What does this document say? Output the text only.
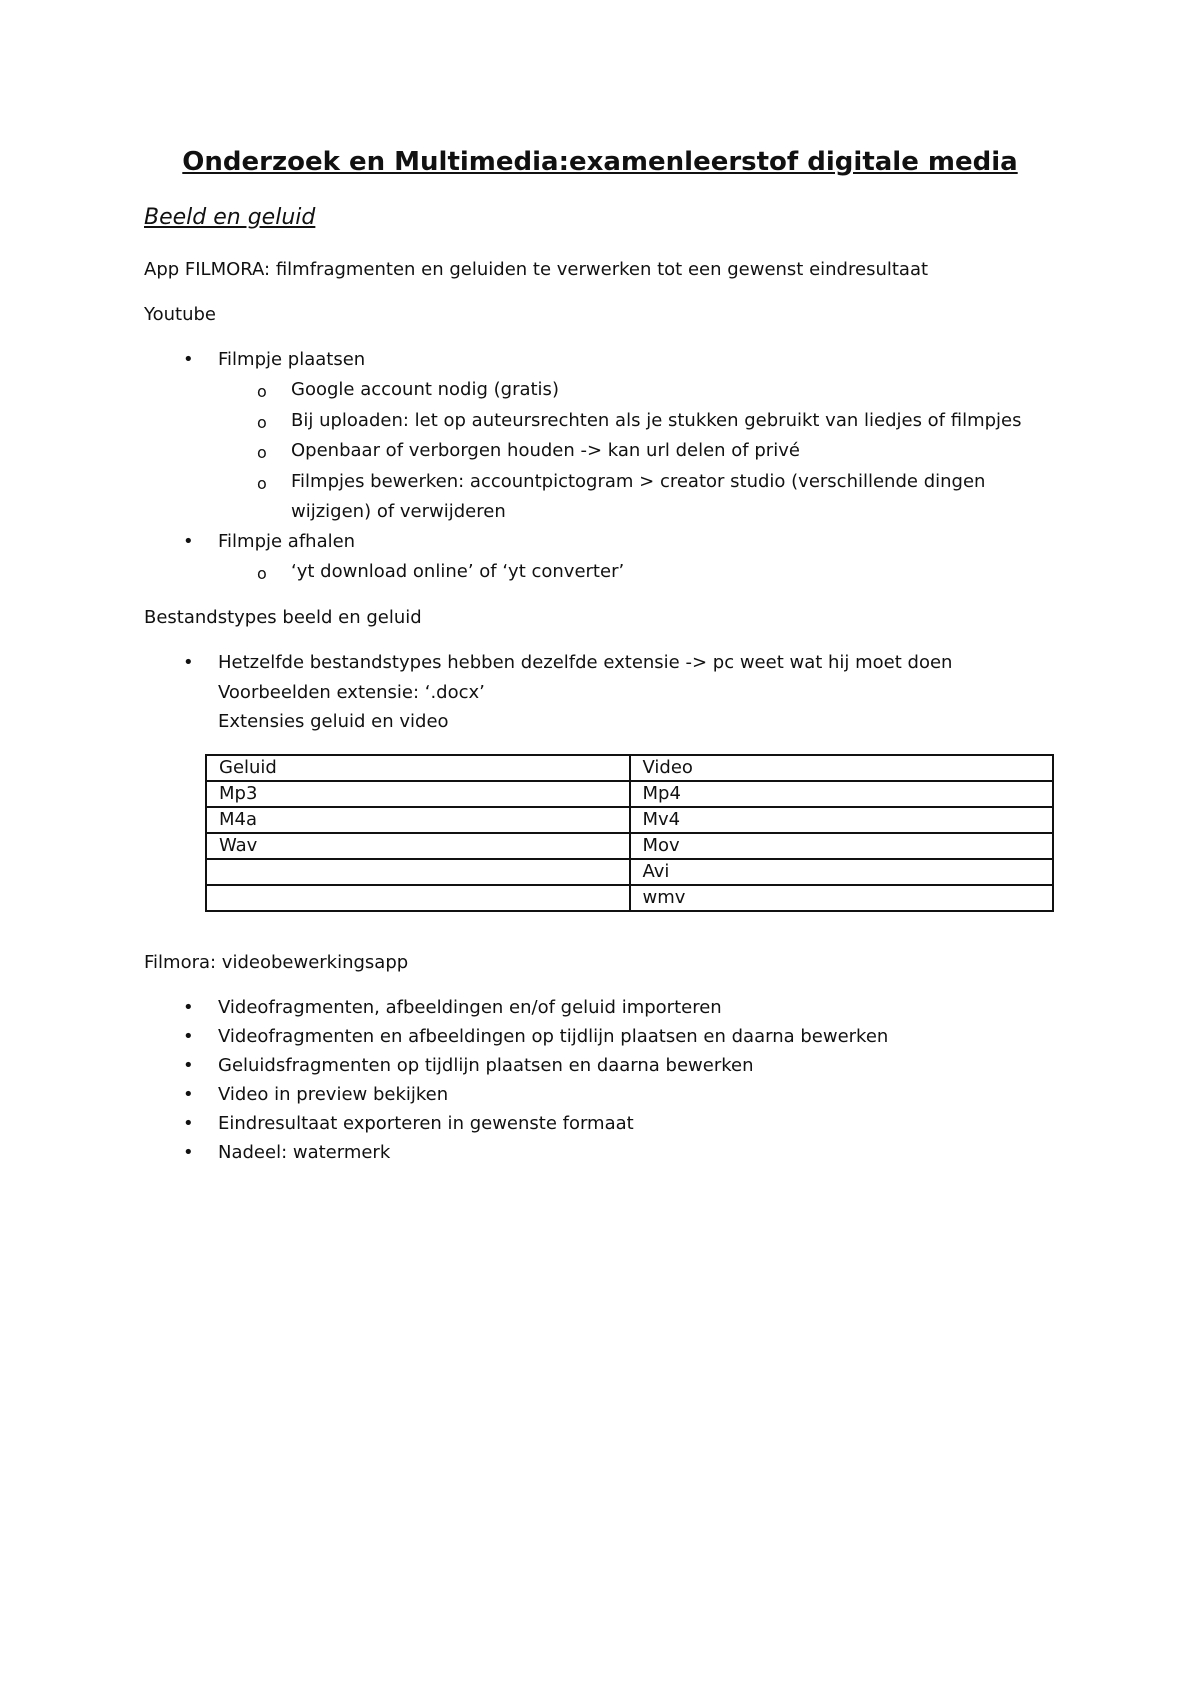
Onderzoek en Multimedia:examenleerstof digitale media
Beeld en geluid
App FILMORA: filmfragmenten en geluiden te verwerken tot een gewenst eindresultaat
Youtube
• Filmpje plaatsen
o Google account nodig (gratis)
o Bij uploaden: let op auteursrechten als je stukken gebruikt van liedjes of filmpjes
o Openbaar of verborgen houden -> kan url delen of privé
o Filmpjes bewerken: accountpictogram > creator studio (verschillende dingen
wijzigen) of verwijderen
• Filmpje afhalen
o ‘yt download online’ of ‘yt converter’
Bestandstypes beeld en geluid
• Hetzelfde bestandstypes hebben dezelfde extensie -> pc weet wat hij moet doen
Voorbeelden extensie: ‘.docx’
Extensies geluid en video
Geluid	Video
Mp3	Mp4
M4a	Mv4
Wav	Mov
	Avi
	wmv
Filmora: videobewerkingsapp
• Videofragmenten, afbeeldingen en/of geluid importeren
• Videofragmenten en afbeeldingen op tijdlijn plaatsen en daarna bewerken
• Geluidsfragmenten op tijdlijn plaatsen en daarna bewerken
• Video in preview bekijken
• Eindresultaat exporteren in gewenste formaat
• Nadeel: watermerk
